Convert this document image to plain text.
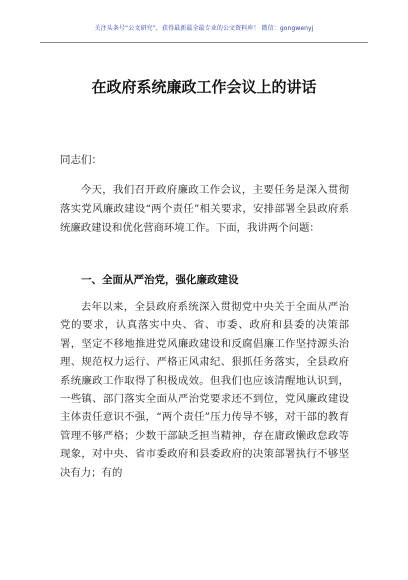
关注头条号“公文研究”，获得最新最全最专业的公文资料库！ 微信：gongwenyj
在政府系统廉政工作会议上的讲话
同志们：

今天，我们召开政府廉政工作会议，主要任务是深入贯彻落实党风廉政建设“两个责任”相关要求，安排部署全县政府系统廉政建设和优化营商环境工作。下面，我讲两个问题：

一、全面从严治党，强化廉政建设

去年以来，全县政府系统深入贯彻党中央关于全面从严治党的要求，认真落实中央、省、市委、政府和县委的决策部署，坚定不移地推进党风廉政建设和反腐倡廉工作坚持源头治理、规范权力运行、严格正风肃纪、狠抓任务落实，全县政府系统廉政工作取得了积极成效。但我们也应该清醒地认识到，一些镇、部门落实全面从严治党要求还不到位，党风廉政建设主体责任意识不强，“两个责任”压力传导不够，对干部的教育管理不够严格；少数干部缺乏担当精神，存在庸政懒政怠政等现象，对中央、省市委政府和县委政府的决策部署执行不够坚决有力；有的
